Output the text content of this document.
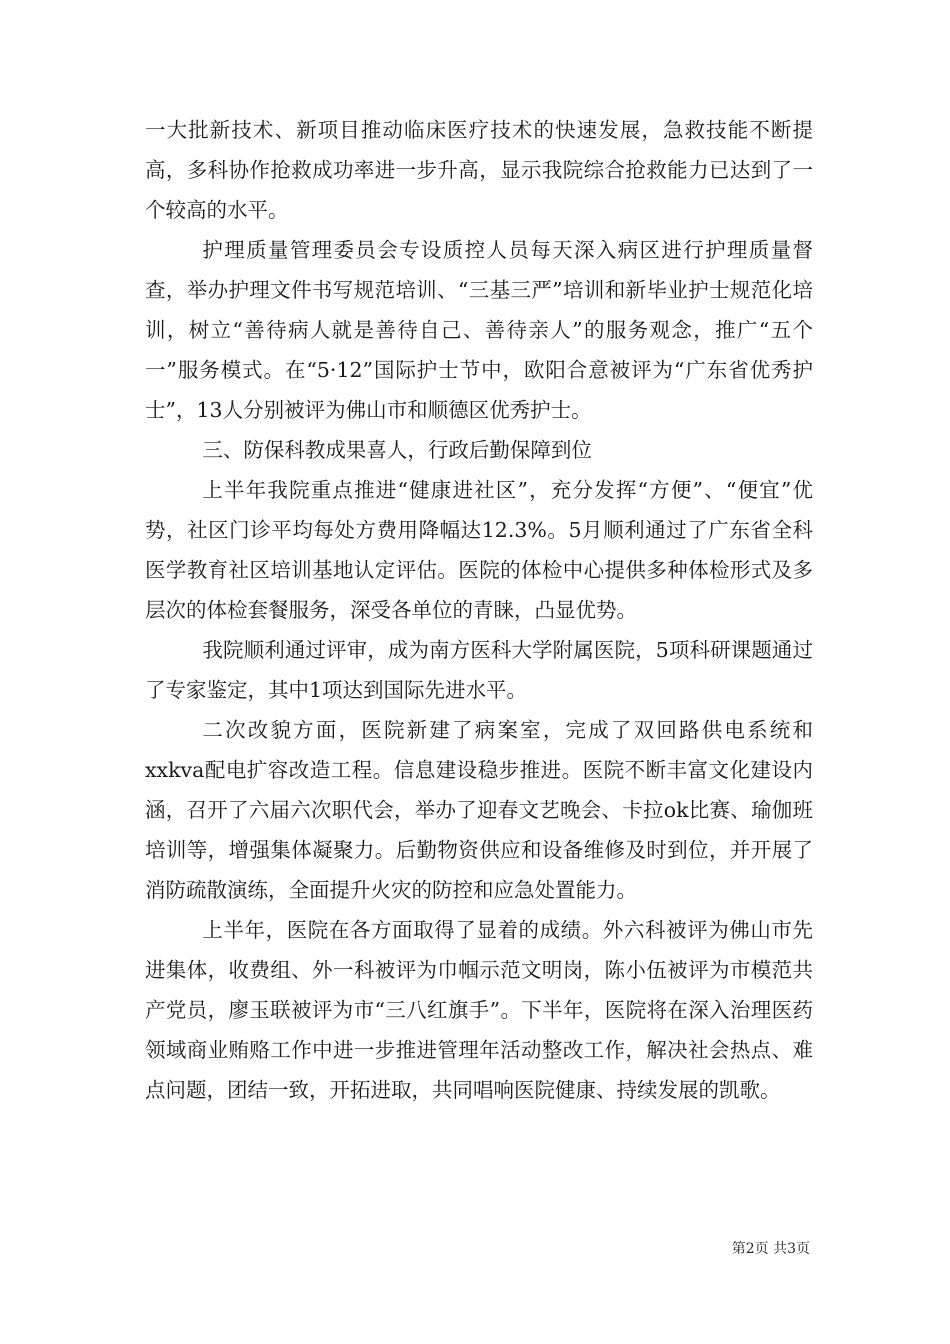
一大批新技术、新项目推动临床医疗技术的快速发展，急救技能不断提高，多科协作抢救成功率进一步升高，显示我院综合抢救能力已达到了一个较高的水平。

护理质量管理委员会专设质控人员每天深入病区进行护理质量督查，举办护理文件书写规范培训、“三基三严”培训和新毕业护士规范化培训，树立“善待病人就是善待自己、善待亲人”的服务观念，推广“五个一”服务模式。在“5·12”国际护士节中，欧阳合意被评为“广东省优秀护士”，13人分别被评为佛山市和顺德区优秀护士。

三、防保科教成果喜人，行政后勤保障到位

上半年我院重点推进“健康进社区”，充分发挥“方便”、“便宜”优势，社区门诊平均每处方费用降幅达12.3%。5月顺利通过了广东省全科医学教育社区培训基地认定评估。医院的体检中心提供多种体检形式及多层次的体检套餐服务，深受各单位的青睐，凸显优势。

我院顺利通过评审，成为南方医科大学附属医院，5项科研课题通过了专家鉴定，其中1项达到国际先进水平。

二次改貌方面，医院新建了病案室，完成了双回路供电系统和xxkva配电扩容改造工程。信息建设稳步推进。医院不断丰富文化建设内涵，召开了六届六次职代会，举办了迎春文艺晚会、卡拉ok比赛、瑜伽班培训等，增强集体凝聚力。后勤物资供应和设备维修及时到位，并开展了消防疏散演练，全面提升火灾的防控和应急处置能力。

上半年，医院在各方面取得了显着的成绩。外六科被评为佛山市先进集体，收费组、外一科被评为巾帼示范文明岗，陈小伍被评为市模范共产党员，廖玉联被评为市“三八红旗手”。下半年，医院将在深入治理医药领域商业贿赂工作中进一步推进管理年活动整改工作，解决社会热点、难点问题，团结一致，开拓进取，共同唱响医院健康、持续发展的凯歌。

第2页 共3页
